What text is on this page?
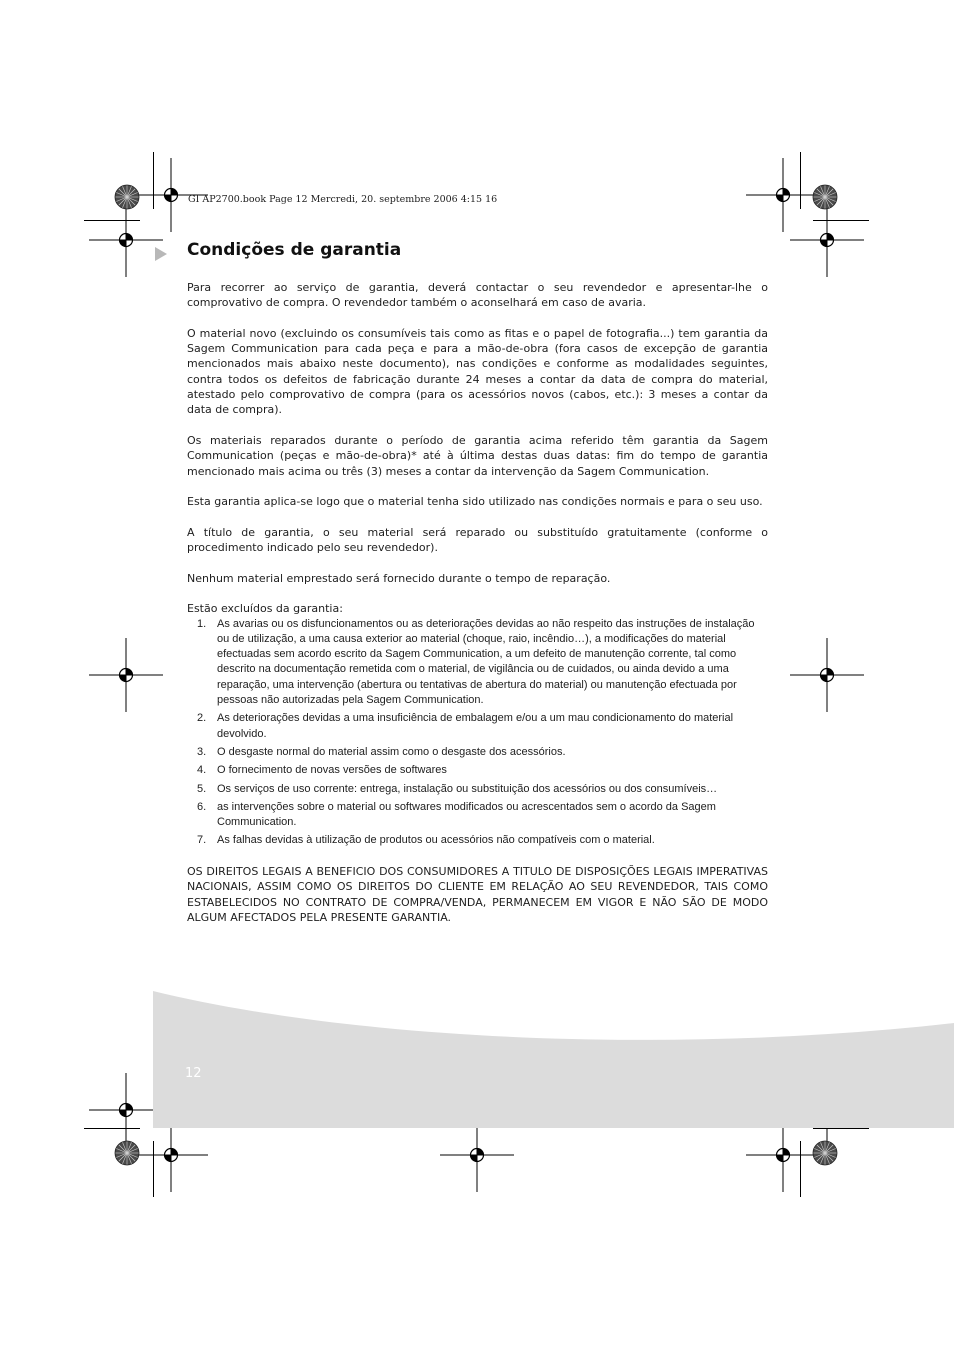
12
GI AP2700.book Page 12 Mercredi, 20. septembre 2006 4:15 16
Condições de garantia

Para recorrer ao serviço de garantia, deverá contactar o seu revendedor e apresentar-lhe o comprovativo de compra. O revendedor também o aconselhará em caso de avaria.

O material novo (excluindo os consumíveis tais como as fitas e o papel de fotografia...) tem garantia da Sagem Communication para cada peça e para a mão-de-obra (fora casos de excepção de garantia mencionados mais abaixo neste documento), nas condições e conforme as modalidades seguintes, contra todos os defeitos de fabricação durante 24 meses a contar da data de compra do material, atestado pelo comprovativo de compra (para os acessórios novos (cabos, etc.): 3 meses a contar da data de compra).

Os materiais reparados durante o período de garantia acima referido têm garantia da Sagem Communication (peças e mão-de-obra)* até à última destas duas datas: fim do tempo de garantia mencionado mais acima ou três (3) meses a contar da intervenção da Sagem Communication.

Esta garantia aplica-se logo que o material tenha sido utilizado nas condições normais e para o seu uso.

A título de garantia, o seu material será reparado ou substituído gratuitamente (conforme o procedimento indicado pelo seu revendedor).

Nenhum material emprestado será fornecido durante o tempo de reparação.

Estão excluídos da garantia:

1. As avarias ou os disfuncionamentos ou as deteriorações devidas ao não respeito das instruções de instalação ou de utilização, a uma causa exterior ao material (choque, raio, incêndio…), a modificações do material efectuadas sem acordo escrito da Sagem Communication, a um defeito de manutenção corrente, tal como descrito na documentação remetida com o material, de vigilância ou de cuidados, ou ainda devido a uma reparação, uma intervenção (abertura ou tentativas de abertura do material) ou manutenção efectuada por pessoas não autorizadas pela Sagem Communication.
2. As deteriorações devidas a uma insuficiência de embalagem e/ou a um mau condicionamento do material devolvido.
3. O desgaste normal do material assim como o desgaste dos acessórios.
4. O fornecimento de novas versões de softwares
5. Os serviços de uso corrente: entrega, instalação ou substituição dos acessórios ou dos consumíveis…
6. as intervenções sobre o material ou softwares modificados ou acrescentados sem o acordo da Sagem Communication.
7. As falhas devidas à utilização de produtos ou acessórios não compatíveis com o material.

OS DIREITOS LEGAIS A BENEFICIO DOS CONSUMIDORES A TITULO DE DISPOSIÇÕES LEGAIS IMPERATIVAS NACIONAIS, ASSIM COMO OS DIREITOS DO CLIENTE EM RELAÇÃO AO SEU REVENDEDOR, TAIS COMO ESTABELECIDOS NO CONTRATO DE COMPRA/VENDA, PERMANECEM EM VIGOR E NÃO SÃO DE MODO ALGUM AFECTADOS PELA PRESENTE GARANTIA.
